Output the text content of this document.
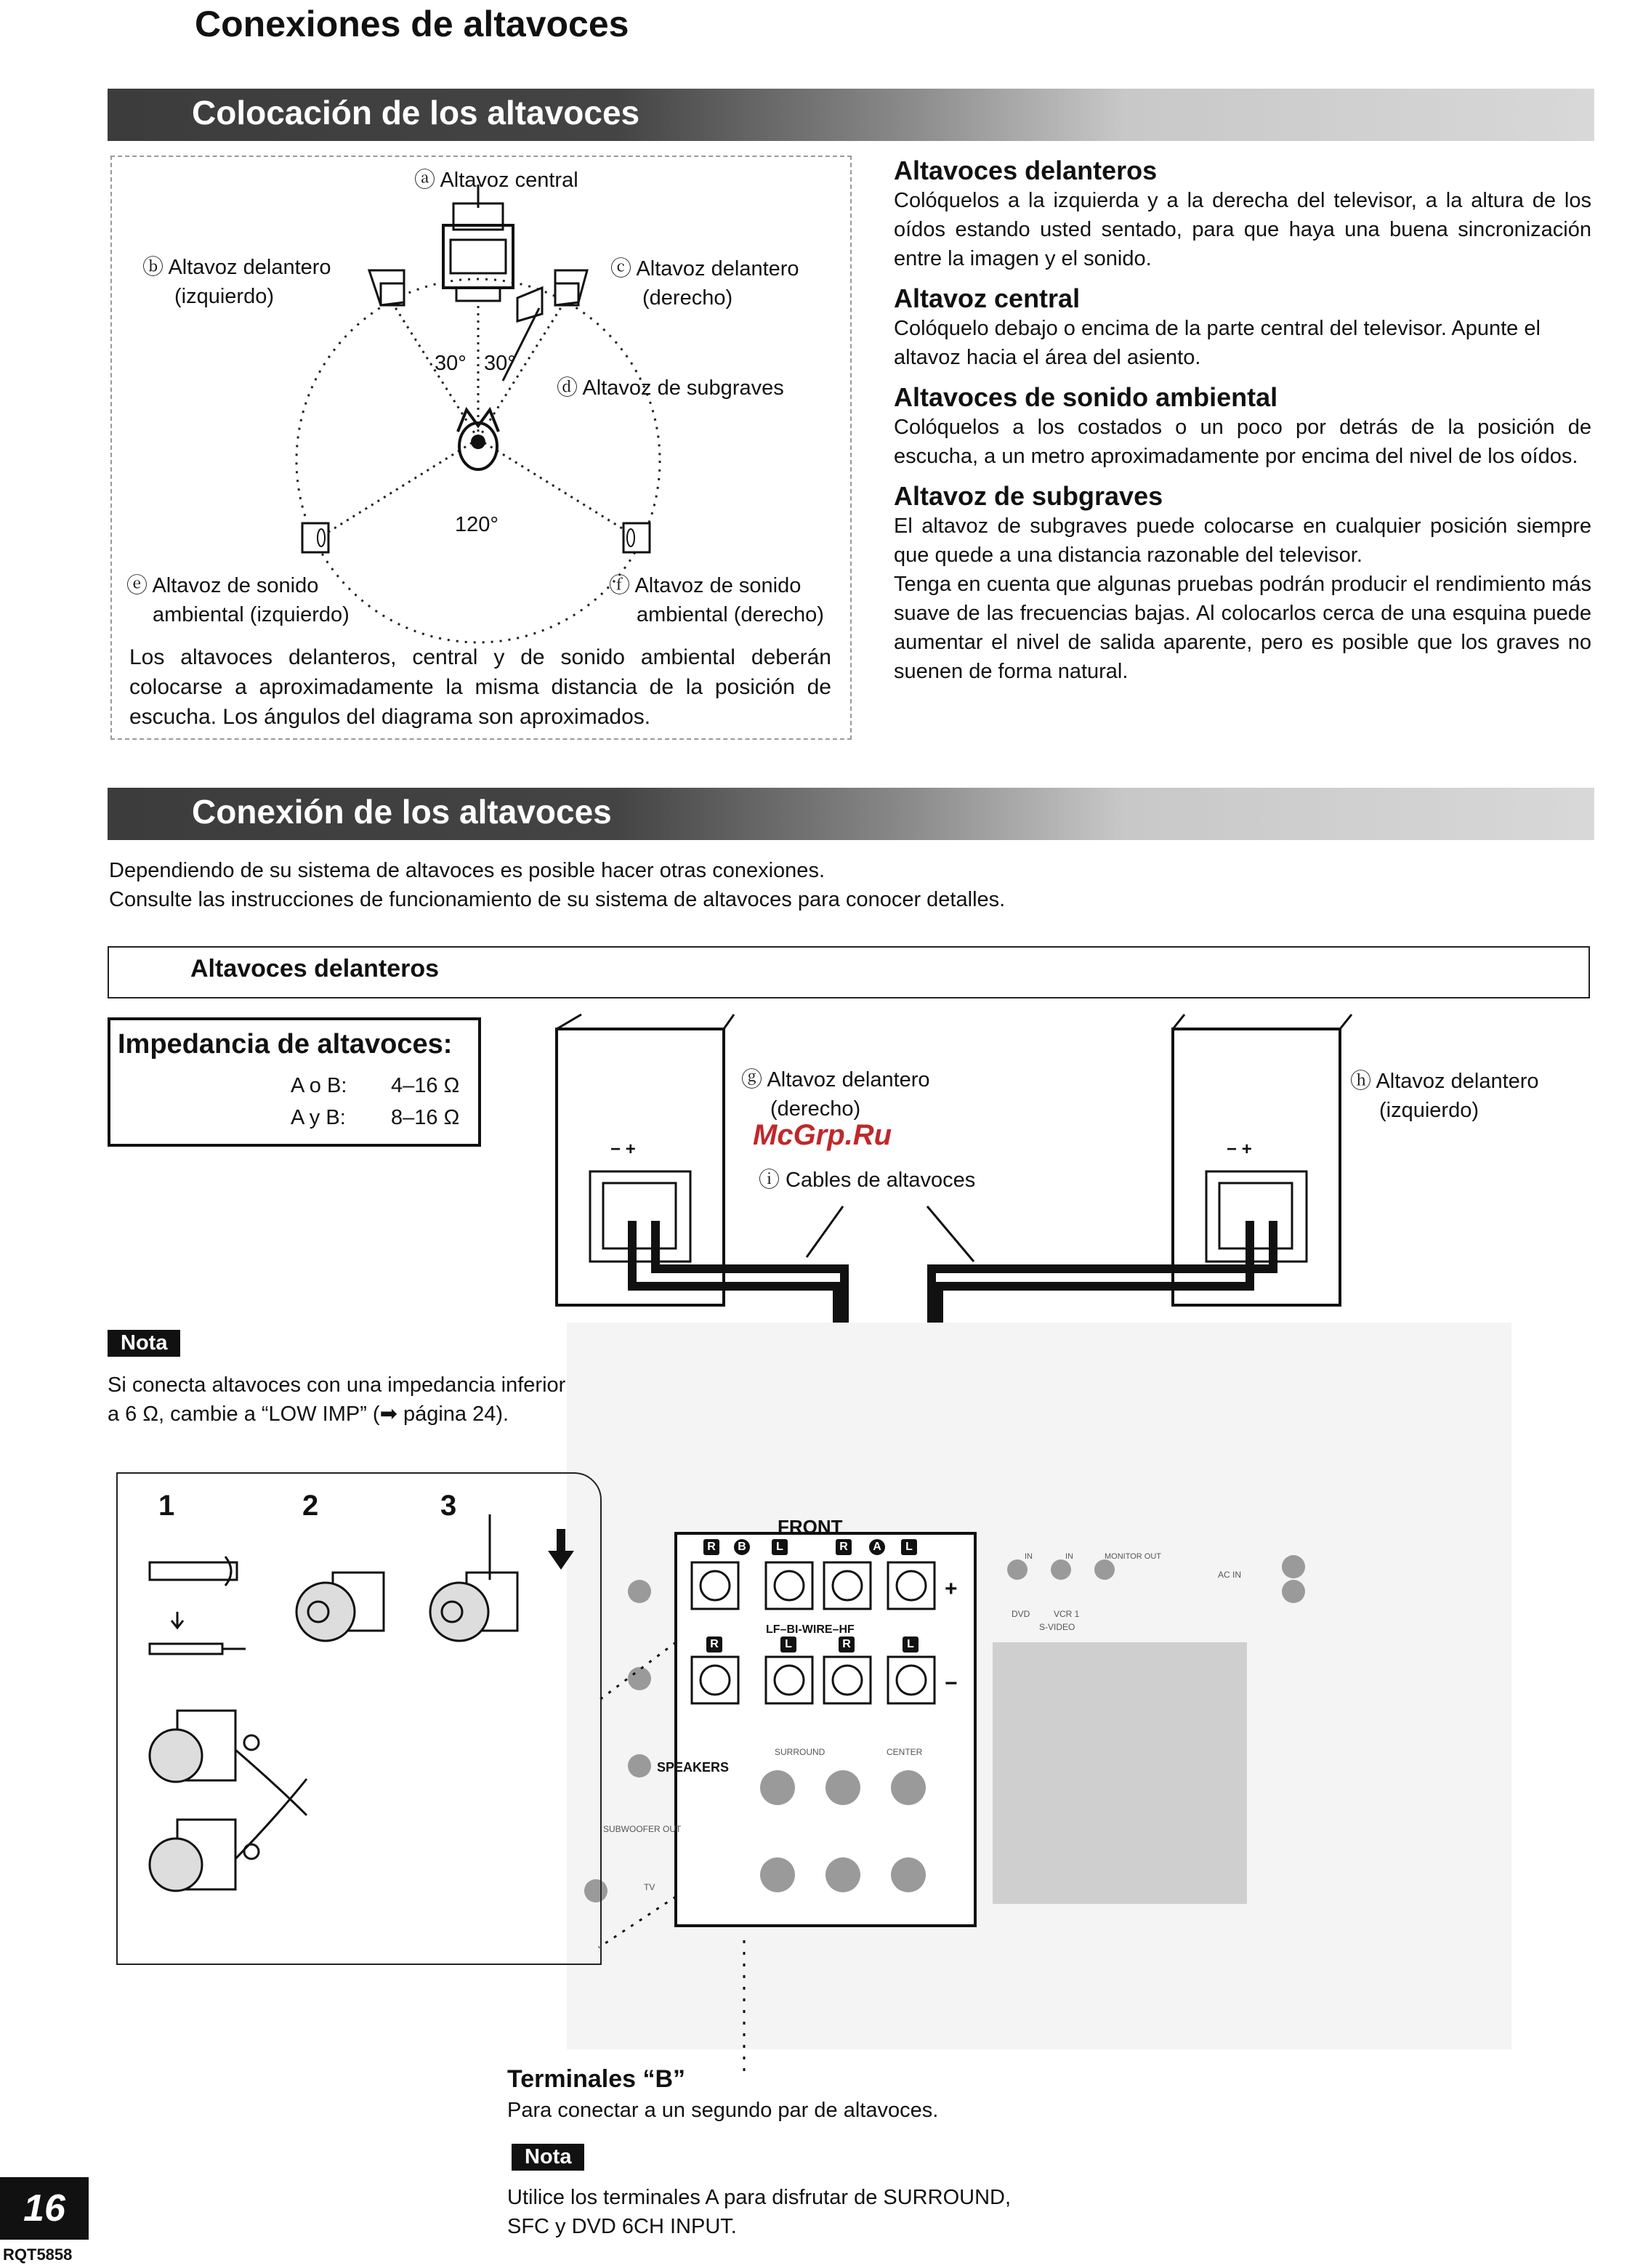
Conexiones de altavoces
Colocación de los altavoces
ⓐ Altavoz central
ⓑ Altavoz delantero
(izquierdo)
ⓒ Altavoz delantero
(derecho)
30° 30°
ⓓ Altavoz de subgraves
120°
ⓔ Altavoz de sonido
ambiental (izquierdo)
ⓕ Altavoz de sonido
ambiental (derecho)

Los altavoces delanteros, central y de sonido ambiental deberán colocarse a aproximadamente la misma distancia de la posición de escucha. Los ángulos del diagrama son aproximados.

Altavoces delanteros

Colóquelos a la izquierda y a la derecha del televisor, a la altura de los oídos estando usted sentado, para que haya una buena sincronización entre la imagen y el sonido.

Altavoz central

Colóquelo debajo o encima de la parte central del televisor. Apunte el altavoz hacia el área del asiento.

Altavoces de sonido ambiental

Colóquelos a los costados o un poco por detrás de la posición de escucha, a un metro aproximadamente por encima del nivel de los oídos.

Altavoz de subgraves

El altavoz de subgraves puede colocarse en cualquier posición siempre que quede a una distancia razonable del televisor.

Tenga en cuenta que algunas pruebas podrán producir el rendimiento más suave de las frecuencias bajas. Al colocarlos cerca de una esquina puede aumentar el nivel de salida aparente, pero es posible que los graves no suenen de forma natural.

Conexión de los altavoces

Dependiendo de su sistema de altavoces es posible hacer otras conexiones.

Consulte las instrucciones de funcionamiento de su sistema de altavoces para conocer detalles.

Altavoces delanteros
Impedancia de altavoces:
A o B: 4–16 Ω
A y B: 8–16 Ω
− +	− +
ⓖ Altavoz delantero
(derecho)
ⓗ Altavoz delantero
(izquierdo)
McGrp.Ru
ⓘ Cables de altavoces
Nota

Si conecta altavoces con una impedancia inferior

a 6 Ω, cambie a “LOW IMP” (➡ página 24).

1	2	3
FRONT
LF–BI-WIRE–HF
SPEAKERS
+
−
SURROUND	CENTER
SUBWOOFER OUT
TV
MONITOR OUT
AC IN
DVD	VCR 1
S-VIDEO
IN	IN
Terminales “B”

Para conectar a un segundo par de altavoces.

Nota

Utilice los terminales A para disfrutar de SURROUND,

SFC y DVD 6CH INPUT.

16
RQT5858
R	B	L	R	A	L
R	L	R	L
